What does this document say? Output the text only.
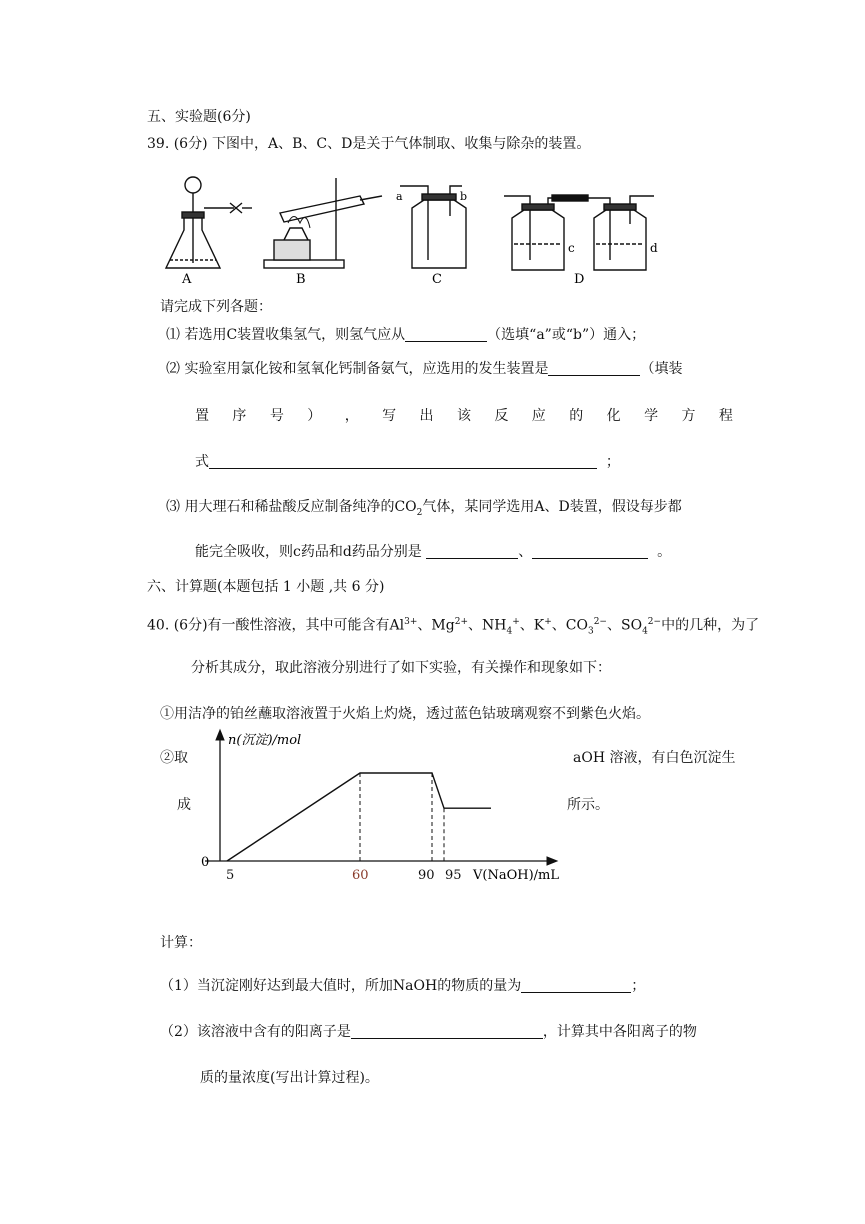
五、实验题(6分)
39. (6分) 下图中，A、B、C、D是关于气体制取、收集与除杂的装置。
A	B
a	b
C
c	d
D
请完成下列各题：
⑴ 若选用C装置收集氢气，则氢气应从	（选填“a”或“b”）通入；
⑵ 实验室用氯化铵和氢氧化钙制备氨气，应选用的发生装置是	（填装
置 序 号 ） ， 写 出 该 反 应 的 化 学 方 程
式	；
⑶ 用大理石和稀盐酸反应制备纯净的$CO_2$气体，某同学选用A、D装置，假设每步都
能完全吸收，则c药品和d药品分别是	、	。
六、计算题(本题包括 1 小题 ,共 6 分)
40. (6分)有一酸性溶液，其中可能含有$Al^{3+}$、$Mg^{2+}$、$NH_4^+$、K+、$CO_3^{2-}$、$SO_4^{2-}$中的几种，为了
分析其成分，取此溶液分别进行了如下实验，有关操作和现象如下：
①用洁净的铂丝蘸取溶液置于火焰上灼烧，透过蓝色钴玻璃观察不到紫色火焰。
②取	aOH 溶液，有白色沉淀生
成	所示。
n(沉淀)/mol
V(NaOH)/mL
0
5	60	90 95
计算：
（1）当沉淀刚好达到最大值时，所加NaOH的物质的量为	；
（2）该溶液中含有的阳离子是	，计算其中各阳离子的物
质的量浓度(写出计算过程)。
